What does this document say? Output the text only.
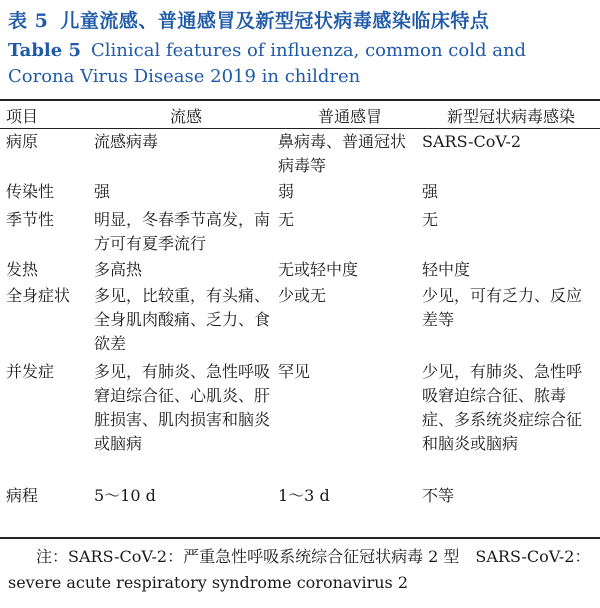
表 5 儿童流感、普通感冒及新型冠状病毒感染临床特点
Table 5 Clinical features of influenza, common cold and Corona Virus Disease 2019 in children
项目	流感	普通感冒	新型冠状病毒感染
病原	流感病毒	鼻病毒、普通冠状病毒等	SARS-CoV-2

传染性	强	弱	强

季节性	明显，冬春季节高发，南方可有夏季流行	无	无

发热	多高热	无或轻中度	轻中度

全身症状	多见，比较重，有头痛、全身肌肉酸痛、乏力、食欲差	少或无	少见，可有乏力、反应差等

并发症	多见，有肺炎、急性呼吸窘迫综合征、心肌炎、肝脏损害、肌肉损害和脑炎或脑病	罕见	少见，有肺炎、急性呼吸窘迫综合征、脓毒症、多系统炎症综合征和脑炎或脑病

病程	5～10 d	1～3 d	不等
注：SARS-CoV-2：严重急性呼吸系统综合征冠状病毒 2 型　SARS-CoV-2：severe acute respiratory syndrome coronavirus 2
